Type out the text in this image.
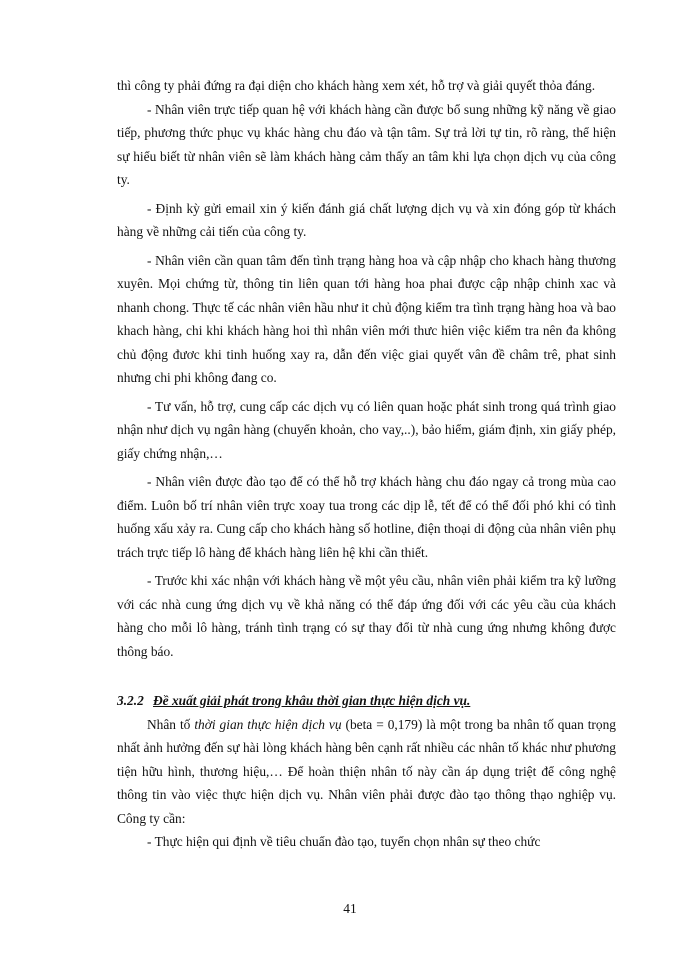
thì công ty phải đứng ra đại diện cho khách hàng xem xét, hỗ trợ và giải quyết thỏa đáng.

- Nhân viên trực tiếp quan hệ với khách hàng cần được bổ sung những kỹ năng về giao tiếp, phương thức phục vụ khác hàng chu đáo và tận tâm. Sự trả lời tự tin, rõ ràng, thể hiện sự hiểu biết từ nhân viên sẽ làm khách hàng cảm thấy an tâm khi lựa chọn dịch vụ của công ty.

- Định kỳ gửi email xin ý kiến đánh giá chất lượng dịch vụ và xin đóng góp từ khách hàng về những cải tiến của công ty.

- Nhân viên cần quan tâm đến tình trạng hàng hoa và cập nhập cho khach hàng thương xuyên. Mọi chứng từ, thông tin liên quan tới hàng hoa phai được cập nhập chinh xac và nhanh chong. Thực tế các nhân viên hầu như it chủ động kiểm tra tình trạng hàng hoa và bao khach hàng, chi khi khách hàng hoi thì nhân viên mới thưc hiên việc kiểm tra nên đa không chủ động đươc khi tinh huống xay ra, dẫn đến việc giai quyết vân đề châm trê, phat sinh nhưng chi phi không đang co.

- Tư vấn, hỗ trợ, cung cấp các dịch vụ có liên quan hoặc phát sinh trong quá trình giao nhận như dịch vụ ngân hàng (chuyển khoản, cho vay,..), bảo hiểm, giám định, xin giấy phép, giấy chứng nhận,…

- Nhân viên được đào tạo để có thể hỗ trợ khách hàng chu đáo ngay cả trong mùa cao điểm. Luôn bố trí nhân viên trực xoay tua trong các dịp lễ, tết để có thể đối phó khi có tình huống xấu xảy ra. Cung cấp cho khách hàng số hotline, điện thoại di động của nhân viên phụ trách trực tiếp lô hàng để khách hàng liên hệ khi cần thiết.

- Trước khi xác nhận với khách hàng về một yêu cầu, nhân viên phải kiểm tra kỹ lưỡng với các nhà cung ứng dịch vụ về khả năng có thể đáp ứng đối với các yêu cầu của khách hàng cho mỗi lô hàng, tránh tình trạng có sự thay đổi từ nhà cung ứng nhưng không được thông báo.

3.2.2 Đề xuất giải phát trong khâu thời gian thực hiện dịch vụ.

Nhân tố thời gian thực hiện dịch vụ (beta = 0,179) là một trong ba nhân tố quan trọng nhất ảnh hưởng đến sự hài lòng khách hàng bên cạnh rất nhiều các nhân tố khác như phương tiện hữu hình, thương hiệu,… Để hoàn thiện nhân tố này cần áp dụng triệt để công nghệ thông tin vào việc thực hiện dịch vụ. Nhân viên phải được đào tạo thông thạo nghiệp vụ. Công ty cần:

- Thực hiện qui định về tiêu chuẩn đào tạo, tuyển chọn nhân sự theo chức

41
